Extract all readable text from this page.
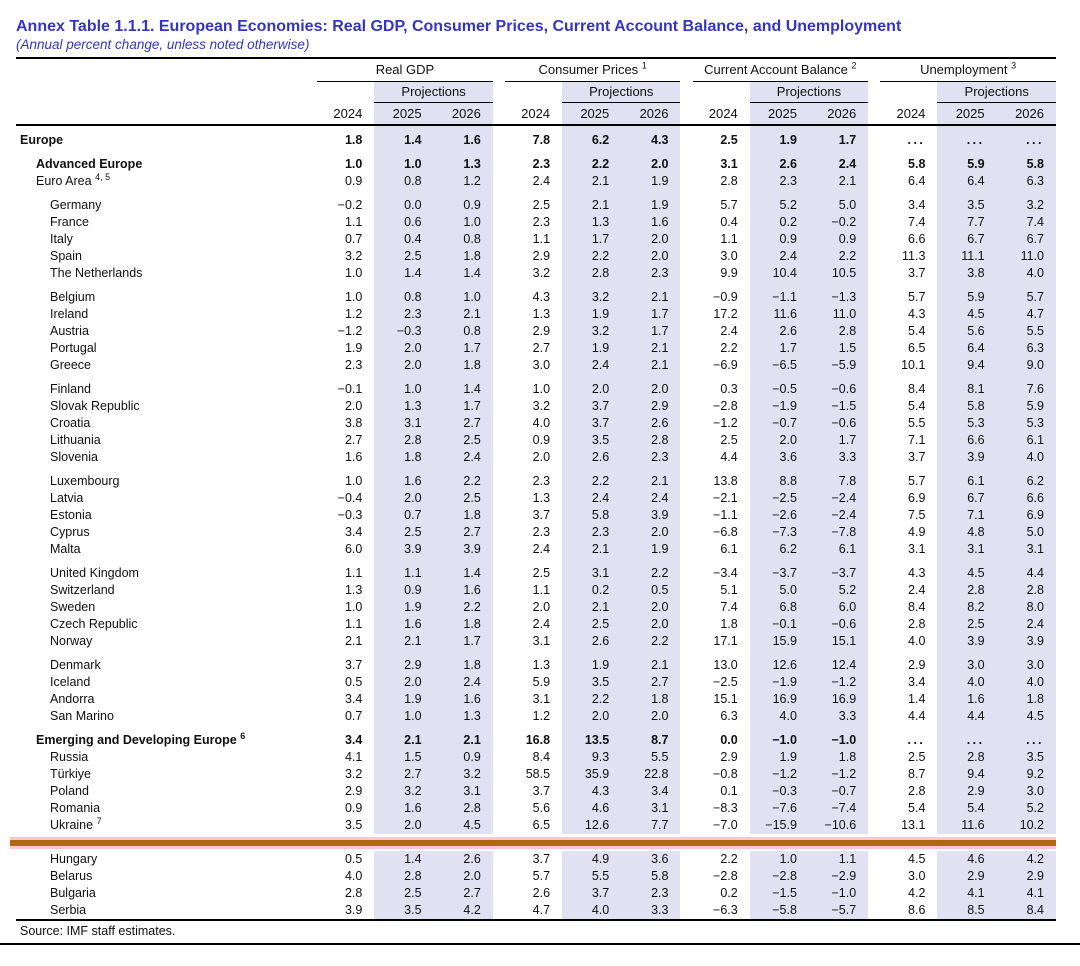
Annex Table 1.1.1. European Economies: Real GDP, Consumer Prices, Current Account Balance, and Unemployment
(Annual percent change, unless noted otherwise)
	Real GDP				Consumer Prices $^1$				Current Account Balance $^2$				Unemployment $^3$
		Projections				Projections				Projections				Projections	
	2024	2025	2026		2024	2025	2026		2024	2025	2026		2024	2025	2026
Europe	1.8	1.4	1.6		7.8	6.2	4.3		2.5	1.9	1.7		...	...	...

Advanced Europe	1.0	1.0	1.3		2.3	2.2	2.0		3.1	2.6	2.4		5.8	5.9	5.8
Euro Area $^{4, 5}$	0.9	0.8	1.2		2.4	2.1	1.9		2.8	2.3	2.1		6.4	6.4	6.3

Germany	−0.2	0.0	0.9		2.5	2.1	1.9		5.7	5.2	5.0		3.4	3.5	3.2
France	1.1	0.6	1.0		2.3	1.3	1.6		0.4	0.2	−0.2		7.4	7.7	7.4
Italy	0.7	0.4	0.8		1.1	1.7	2.0		1.1	0.9	0.9		6.6	6.7	6.7
Spain	3.2	2.5	1.8		2.9	2.2	2.0		3.0	2.4	2.2		11.3	11.1	11.0
The Netherlands	1.0	1.4	1.4		3.2	2.8	2.3		9.9	10.4	10.5		3.7	3.8	4.0

Belgium	1.0	0.8	1.0		4.3	3.2	2.1		−0.9	−1.1	−1.3		5.7	5.9	5.7
Ireland	1.2	2.3	2.1		1.3	1.9	1.7		17.2	11.6	11.0		4.3	4.5	4.7
Austria	−1.2	−0.3	0.8		2.9	3.2	1.7		2.4	2.6	2.8		5.4	5.6	5.5
Portugal	1.9	2.0	1.7		2.7	1.9	2.1		2.2	1.7	1.5		6.5	6.4	6.3
Greece	2.3	2.0	1.8		3.0	2.4	2.1		−6.9	−6.5	−5.9		10.1	9.4	9.0

Finland	−0.1	1.0	1.4		1.0	2.0	2.0		0.3	−0.5	−0.6		8.4	8.1	7.6
Slovak Republic	2.0	1.3	1.7		3.2	3.7	2.9		−2.8	−1.9	−1.5		5.4	5.8	5.9
Croatia	3.8	3.1	2.7		4.0	3.7	2.6		−1.2	−0.7	−0.6		5.5	5.3	5.3
Lithuania	2.7	2.8	2.5		0.9	3.5	2.8		2.5	2.0	1.7		7.1	6.6	6.1
Slovenia	1.6	1.8	2.4		2.0	2.6	2.3		4.4	3.6	3.3		3.7	3.9	4.0

Luxembourg	1.0	1.6	2.2		2.3	2.2	2.1		13.8	8.8	7.8		5.7	6.1	6.2
Latvia	−0.4	2.0	2.5		1.3	2.4	2.4		−2.1	−2.5	−2.4		6.9	6.7	6.6
Estonia	−0.3	0.7	1.8		3.7	5.8	3.9		−1.1	−2.6	−2.4		7.5	7.1	6.9
Cyprus	3.4	2.5	2.7		2.3	2.3	2.0		−6.8	−7.3	−7.8		4.9	4.8	5.0
Malta	6.0	3.9	3.9		2.4	2.1	1.9		6.1	6.2	6.1		3.1	3.1	3.1

United Kingdom	1.1	1.1	1.4		2.5	3.1	2.2		−3.4	−3.7	−3.7		4.3	4.5	4.4
Switzerland	1.3	0.9	1.6		1.1	0.2	0.5		5.1	5.0	5.2		2.4	2.8	2.8
Sweden	1.0	1.9	2.2		2.0	2.1	2.0		7.4	6.8	6.0		8.4	8.2	8.0
Czech Republic	1.1	1.6	1.8		2.4	2.5	2.0		1.8	−0.1	−0.6		2.8	2.5	2.4
Norway	2.1	2.1	1.7		3.1	2.6	2.2		17.1	15.9	15.1		4.0	3.9	3.9

Denmark	3.7	2.9	1.8		1.3	1.9	2.1		13.0	12.6	12.4		2.9	3.0	3.0
Iceland	0.5	2.0	2.4		5.9	3.5	2.7		−2.5	−1.9	−1.2		3.4	4.0	4.0
Andorra	3.4	1.9	1.6		3.1	2.2	1.8		15.1	16.9	16.9		1.4	1.6	1.8
San Marino	0.7	1.0	1.3		1.2	2.0	2.0		6.3	4.0	3.3		4.4	4.4	4.5

Emerging and Developing Europe $^6$	3.4	2.1	2.1		16.8	13.5	8.7		0.0	−1.0	−1.0		...	...	...
Russia	4.1	1.5	0.9		8.4	9.3	5.5		2.9	1.9	1.8		2.5	2.8	3.5
Türkiye	3.2	2.7	3.2		58.5	35.9	22.8		−0.8	−1.2	−1.2		8.7	9.4	9.2
Poland	2.9	3.2	3.1		3.7	4.3	3.4		0.1	−0.3	−0.7		2.8	2.9	3.0
Romania	0.9	1.6	2.8		5.6	4.6	3.1		−8.3	−7.6	−7.4		5.4	5.4	5.2
Ukraine $^7$	3.5	2.0	4.5		6.5	12.6	7.7		−7.0	−15.9	−10.6		13.1	11.6	10.2

Hungary	0.5	1.4	2.6		3.7	4.9	3.6		2.2	1.0	1.1		4.5	4.6	4.2
Belarus	4.0	2.8	2.0		5.7	5.5	5.8		−2.8	−2.8	−2.9		3.0	2.9	2.9
Bulgaria	2.8	2.5	2.7		2.6	3.7	2.3		0.2	−1.5	−1.0		4.2	4.1	4.1
Serbia	3.9	3.5	4.2		4.7	4.0	3.3		−6.3	−5.8	−5.7		8.6	8.5	8.4
Source: IMF staff estimates.
